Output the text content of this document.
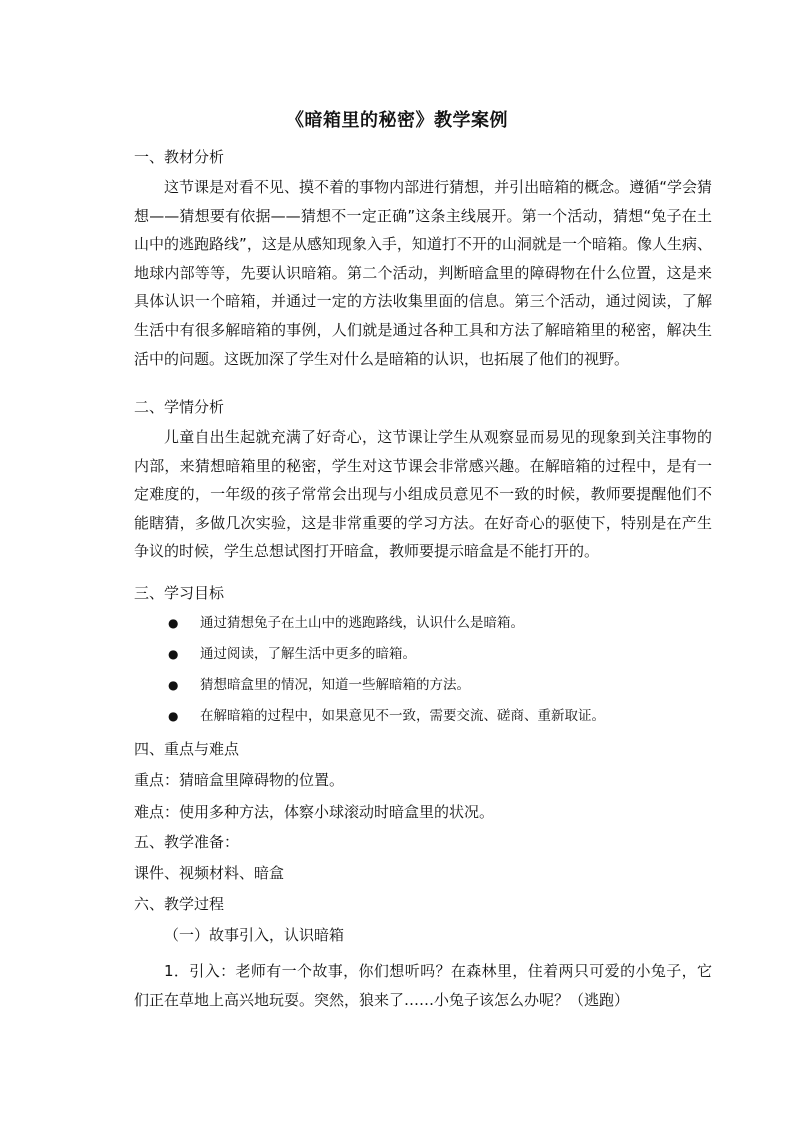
《暗箱里的秘密》教学案例
一、教材分析
这节课是对看不见、摸不着的事物内部进行猜想，并引出暗箱的概念。遵循“学会猜想——猜想要有依据——猜想不一定正确”这条主线展开。第一个活动，猜想“兔子在土山中的逃跑路线”，这是从感知现象入手，知道打不开的山洞就是一个暗箱。像人生病、地球内部等等，先要认识暗箱。第二个活动，判断暗盒里的障碍物在什么位置，这是来具体认识一个暗箱，并通过一定的方法收集里面的信息。第三个活动，通过阅读，了解生活中有很多解暗箱的事例，人们就是通过各种工具和方法了解暗箱里的秘密，解决生活中的问题。这既加深了学生对什么是暗箱的认识，也拓展了他们的视野。
二、学情分析
儿童自出生起就充满了好奇心，这节课让学生从观察显而易见的现象到关注事物的内部，来猜想暗箱里的秘密，学生对这节课会非常感兴趣。在解暗箱的过程中，是有一定难度的，一年级的孩子常常会出现与小组成员意见不一致的时候，教师要提醒他们不能瞎猜，多做几次实验，这是非常重要的学习方法。在好奇心的驱使下，特别是在产生争议的时候，学生总想试图打开暗盒，教师要提示暗盒是不能打开的。
三、学习目标
●	通过猜想兔子在土山中的逃跑路线，认识什么是暗箱。
●	通过阅读，了解生活中更多的暗箱。
●	猜想暗盒里的情况，知道一些解暗箱的方法。
●	在解暗箱的过程中，如果意见不一致，需要交流、磋商、重新取证。
四、重点与难点
重点：猜暗盒里障碍物的位置。
难点：使用多种方法，体察小球滚动时暗盒里的状况。
五、教学准备：
课件、视频材料、暗盒
六、教学过程
（一）故事引入，认识暗箱
1．引入：老师有一个故事，你们想听吗？在森林里，住着两只可爱的小兔子，它们正在草地上高兴地玩耍。突然，狼来了……小兔子该怎么办呢？（逃跑）
